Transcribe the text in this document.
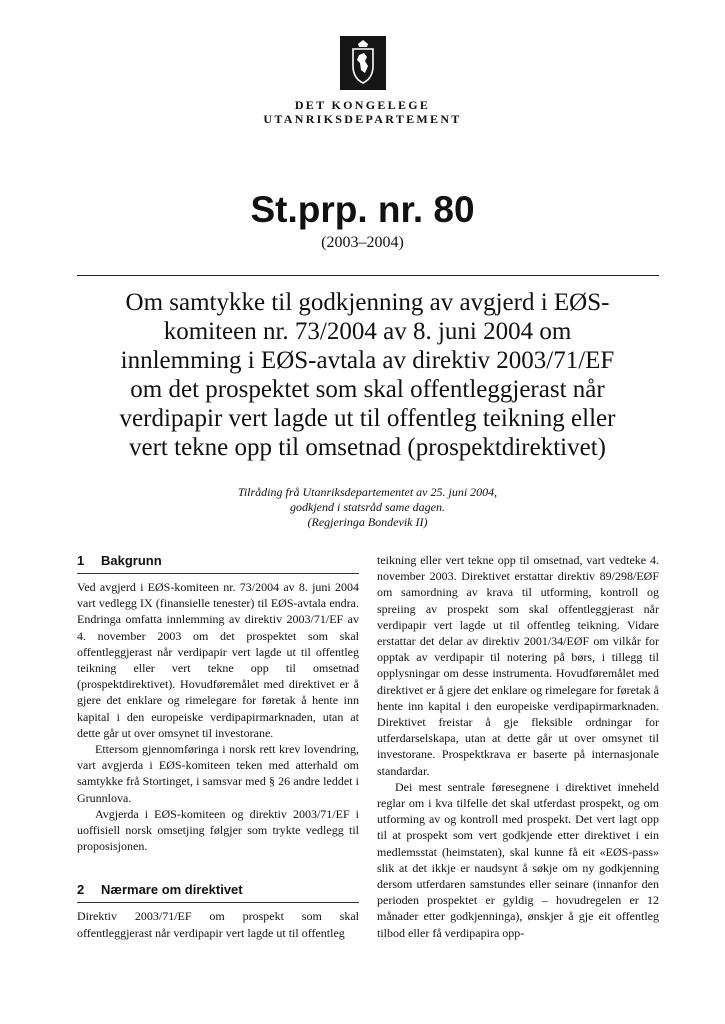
DET KONGELEGE
UTANRIKSDEPARTEMENT
St.prp. nr. 80
(2003–2004)
Om samtykke til godkjenning av avgjerd i EØS-
komiteen nr. 73/2004 av 8. juni 2004 om
innlemming i EØS-avtala av direktiv 2003/71/EF
om det prospektet som skal offentleggjerast når
verdipapir vert lagde ut til offentleg teikning eller
vert tekne opp til omsetnad (prospektdirektivet)
Tilråding frå Utanriksdepartementet av 25. juni 2004,
godkjend i statsråd same dagen.
(Regjeringa Bondevik II)
1 Bakgrunn

Ved avgjerd i EØS-komiteen nr. 73/2004 av 8. juni 2004 vart vedlegg IX (finansielle tenester) til EØS-avtala endra. Endringa omfatta innlemming av direktiv 2003/71/EF av 4. november 2003 om det prospektet som skal offentleggjerast når verdipapir vert lagde ut til offentleg teikning eller vert tekne opp til omsetnad (prospektdirektivet). Hovudføremålet med direktivet er å gjere det enklare og rimelegare for føretak å hente inn kapital i den europeiske verdipapirmarknaden, utan at dette går ut over omsynet til investorane.

Ettersom gjennomføringa i norsk rett krev lovendring, vart avgjerda i EØS-komiteen teken med atterhald om samtykke frå Stortinget, i samsvar med § 26 andre leddet i Grunnlova.

Avgjerda i EØS-komiteen og direktiv 2003/71/EF i uoffisiell norsk omsetjing følgjer som trykte vedlegg til proposisjonen.

2 Nærmare om direktivet

Direktiv 2003/71/EF om prospekt som skal offentleggjerast når verdipapir vert lagde ut til offentleg

teikning eller vert tekne opp til omsetnad, vart vedteke 4. november 2003. Direktivet erstattar direktiv 89/298/EØF om samordning av krava til utforming, kontroll og spreiing av prospekt som skal offentleggjerast når verdipapir vert lagde ut til offentleg teikning. Vidare erstattar det delar av direktiv 2001/34/EØF om vilkår for opptak av verdipapir til notering på børs, i tillegg til opplysningar om desse instrumenta. Hovudføremålet med direktivet er å gjere det enklare og rimelegare for føretak å hente inn kapital i den europeiske verdipapirmarknaden. Direktivet freistar å gje fleksible ordningar for utferdarselskapa, utan at dette går ut over omsynet til investorane. Prospektkrava er baserte på internasjonale standardar.

Dei mest sentrale føresegnene i direktivet inneheld reglar om i kva tilfelle det skal utferdast prospekt, og om utforming av og kontroll med prospekt. Det vert lagt opp til at prospekt som vert godkjende etter direktivet i ein medlemsstat (heimstaten), skal kunne få eit «EØS-pass» slik at det ikkje er naudsynt å søkje om ny godkjenning dersom utferdaren samstundes eller seinare (innanfor den perioden prospektet er gyldig – hovudregelen er 12 månader etter godkjenninga), ønskjer å gje eit offentleg tilbod eller få verdipapira opp-
